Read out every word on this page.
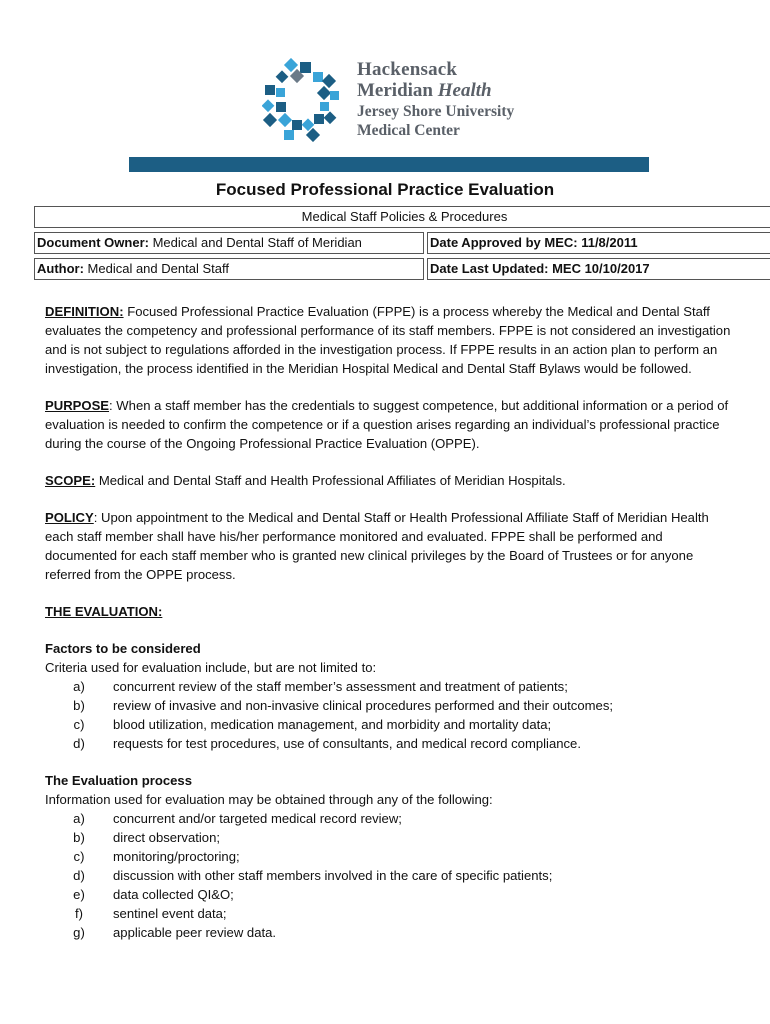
Hackensack
Meridian Health
Jersey Shore University
Medical Center
Focused Professional Practice Evaluation
Medical Staff Policies & Procedures
Document Owner: Medical and Dental Staff of Meridian	Date Approved by MEC: 11/8/2011
Author: Medical and Dental Staff	Date Last Updated: MEC 10/10/2017

DEFINITION: Focused Professional Practice Evaluation (FPPE) is a process whereby the Medical and Dental Staff evaluates the competency and professional performance of its staff members. FPPE is not considered an investigation and is not subject to regulations afforded in the investigation process. If FPPE results in an action plan to perform an investigation, the process identified in the Meridian Hospital Medical and Dental Staff Bylaws would be followed.

PURPOSE: When a staff member has the credentials to suggest competence, but additional information or a period of evaluation is needed to confirm the competence or if a question arises regarding an individual’s professional practice during the course of the Ongoing Professional Practice Evaluation (OPPE).

SCOPE: Medical and Dental Staff and Health Professional Affiliates of Meridian Hospitals.

POLICY: Upon appointment to the Medical and Dental Staff or Health Professional Affiliate Staff of Meridian Health each staff member shall have his/her performance monitored and evaluated. FPPE shall be performed and documented for each staff member who is granted new clinical privileges by the Board of Trustees or for anyone referred from the OPPE process.

THE EVALUATION:

Factors to be considered
Criteria used for evaluation include, but are not limited to:
a)	concurrent review of the staff member’s assessment and treatment of patients;
b)	review of invasive and non-invasive clinical procedures performed and their outcomes;
c)	blood utilization, medication management, and morbidity and mortality data;
d)	requests for test procedures, use of consultants, and medical record compliance.
The Evaluation process
Information used for evaluation may be obtained through any of the following:
a)	concurrent and/or targeted medical record review;
b)	direct observation;
c)	monitoring/proctoring;
d)	discussion with other staff members involved in the care of specific patients;
e)	data collected QI&O;
f)	sentinel event data;
g)	applicable peer review data.
